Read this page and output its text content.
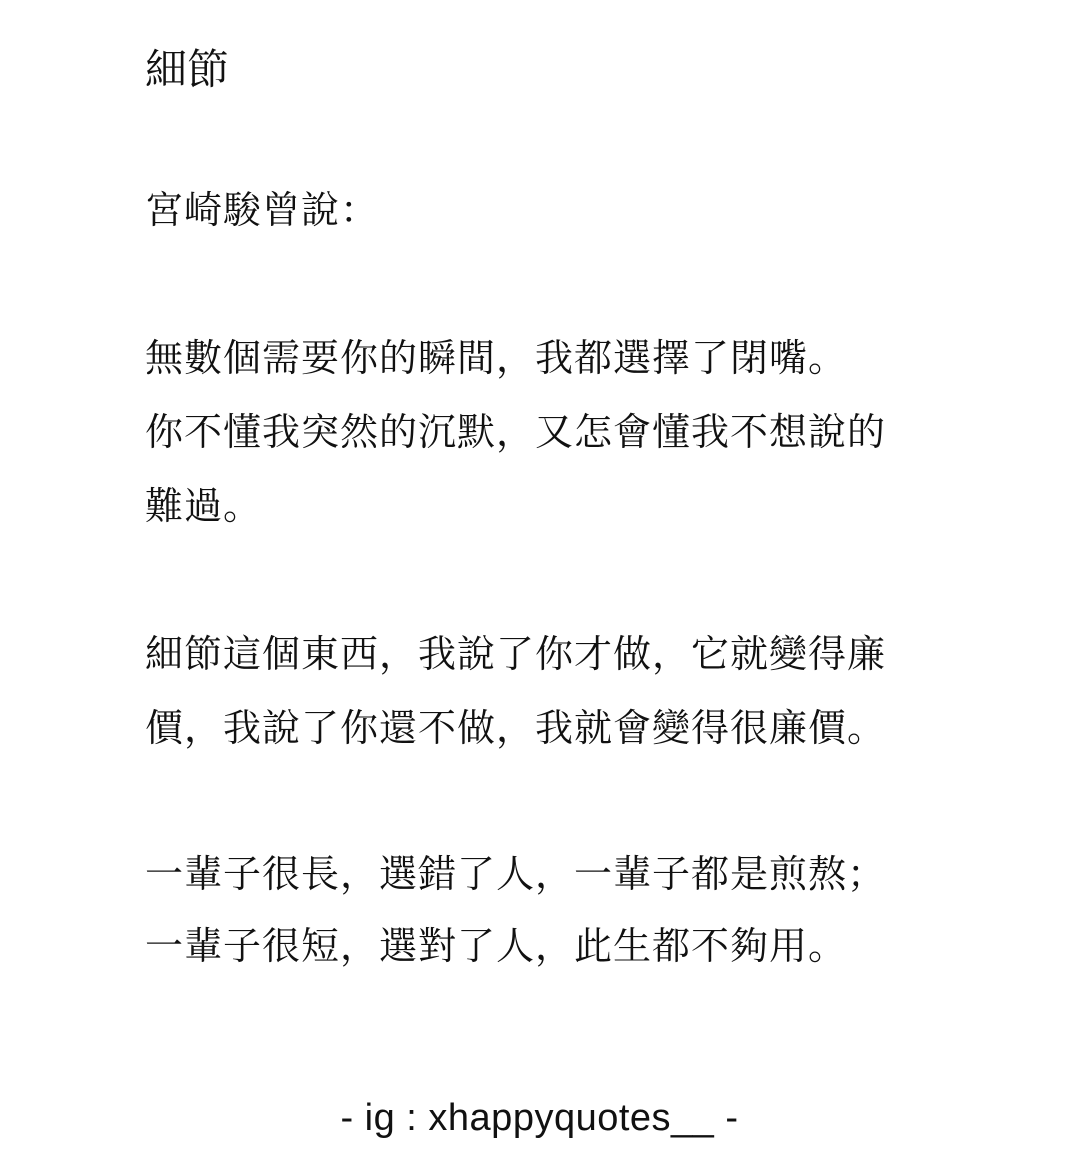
細節

宮崎駿曾說：

無數個需要你的瞬間，我都選擇了閉嘴。

你不懂我突然的沉默，又怎會懂我不想說的

難過。

細節這個東西，我說了你才做，它就變得廉

價，我說了你還不做，我就會變得很廉價。

一輩子很長，選錯了人，一輩子都是煎熬；

一輩子很短，選對了人，此生都不夠用。

- ig : xhappyquotes__ -
